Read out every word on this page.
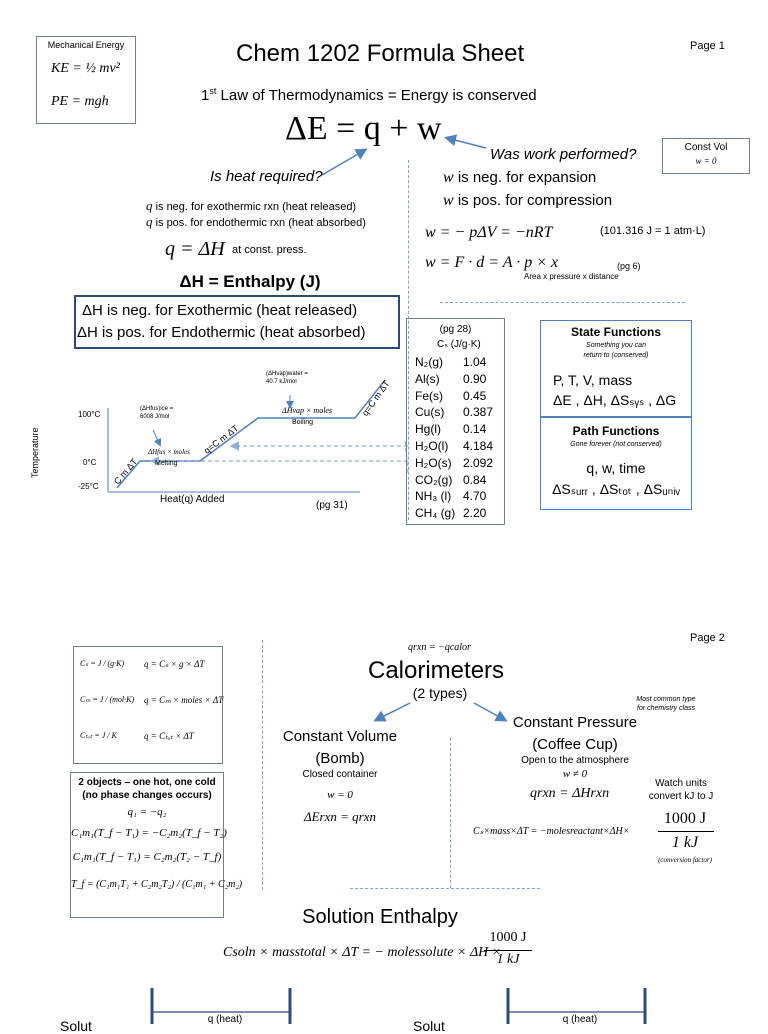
Mechanical Energy
KE = ½ mv²
PE = mgh
Chem 1202 Formula Sheet	Page 1
1st Law of Thermodynamics = Energy is conserved
ΔE = q + w
Is heat required?
Was work performed?	Const Vol
w = 0
q is neg. for exothermic rxn (heat released)
q is pos. for endothermic rxn (heat absorbed)
w is neg. for expansion
w is pos. for compression
q = ΔH at const. press.
w = − pΔV = −nRT	(101.316 J = 1 atm·L)
w = F · d = A · p × x	(pg 6)
Area x pressure x distance
ΔH = Enthalpy (J)
ΔH is neg. for Exothermic (heat released)
ΔH is pos. for Endothermic (heat absorbed)
Temperature
100°C
0°C
-25°C
Heat(q) Added
(pg 31)
C m ΔT
q=C m ΔT
q=C m ΔT
(ΔHfus)ice =
6008 J/mol
ΔHfus × moles
Melting
(ΔHvap)water =
40.7 kJ/mol
ΔHvap × moles
Boiling
(pg 28)
Cₛ (J/g·K)
N₂(g) 1.04
Al(s) 0.90
Fe(s) 0.45
Cu(s) 0.387
Hg(l) 0.14
H₂O(l) 4.184
H₂O(s) 2.092
CO₂(g) 0.84
NH₃ (l) 4.70
CH₄ (g) 2.20
State Functions
Something you can
return to (conserved)
P, T, V, mass
ΔE , ΔH, ΔSₛᵧₛ , ΔG
Path Functions
Gone forever (not conserved)
q, w, time
ΔSₛᵤᵣᵣ , ΔSₜₒₜ , ΔSᵤₙᵢᵥ
Page 2
qrxn = −qcalor
Calorimeters
(2 types)	Most common type
for chemistry class
Cₛ = J / (g·K) q = Cₛ × g × ΔT
Cₘ = J / (mol·K) q = Cₘ × moles × ΔT
Cₜₒₜ = J / K	q = Cₜₒₜ × ΔT
2 objects – one hot, one cold
(no phase changes occurs)
q₁ = −q₂
C₁m₁(T_f − T₁) = −C₂m₂(T_f − T₂)
C₁m₁(T_f − T₁) = C₂m₂(T₂ − T_f)
T_f = (C₁m₁T₁ + C₂m₂T₂) / (C₁m₁ + C₂m₂)
Constant Volume
(Bomb)
Closed container
w = 0
ΔErxn = qrxn
Constant Pressure
(Coffee Cup)
Open to the atmosphere
w ≠ 0
qrxn = ΔHrxn
Watch units
convert kJ to J
Cₛ×mass×ΔT = −molesreactant×ΔH×
1000 J
1 kJ
(conversion factor)
Solution Enthalpy
Csoln × masstotal × ΔT = − molessolute × ΔH ×
1000 J
1 kJ
q (heat)	q (heat)
Solut	Solut
